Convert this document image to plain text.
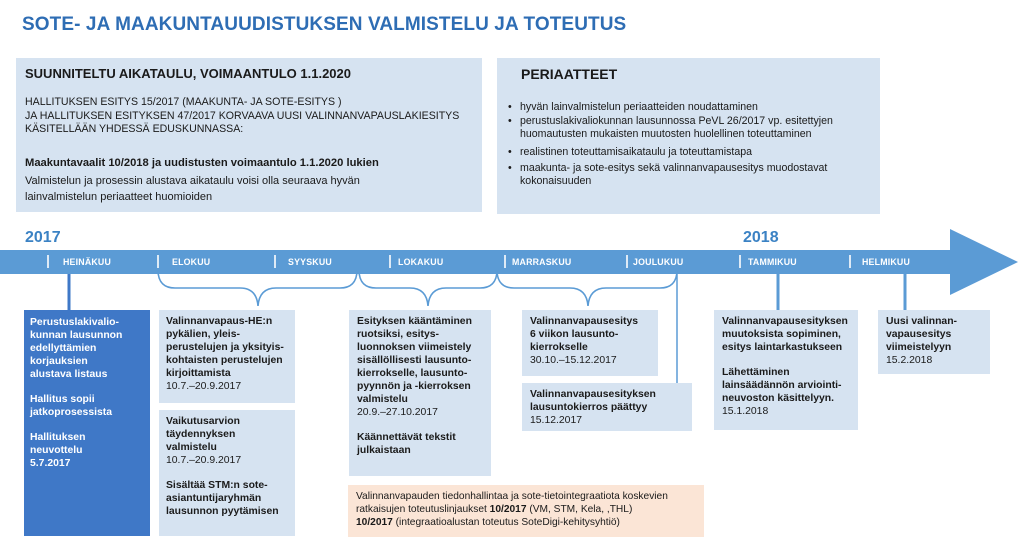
SOTE- JA MAAKUNTAUUDISTUKSEN VALMISTELU JA TOTEUTUS
SUUNNITELTU AIKATAULU, VOIMAANTULO 1.1.2020
HALLITUKSEN ESITYS 15/2017 (MAAKUNTA- JA SOTE-ESITYS )
JA HALLITUKSEN ESITYKSEN 47/2017 KORVAAVA UUSI VALINNANVAPAUSLAKIESITYS
KÄSITELLÄÄN YHDESSÄ EDUSKUNNASSA:
Maakuntavaalit 10/2018 ja uudistusten voimaantulo 1.1.2020 lukien
Valmistelun ja prosessin alustava aikataulu voisi olla seuraava hyvän
lainvalmistelun periaatteet huomioiden
PERIAATTEET
• hyvän lainvalmistelun periaatteiden noudattaminen
• perustuslakivaliokunnan lausunnossa PeVL 26/2017 vp. esitettyjen huomautusten mukaisten muutosten huolellinen toteuttaminen
• realistinen toteuttamisaikataulu ja toteuttamistapa
• maakunta- ja sote-esitys sekä valinnanvapausesitys muodostavat kokonaisuuden
2017	2018
HEINÄKUU	ELOKUU	SYYSKUU	LOKAKUU	MARRASKUU	JOULUKUU	TAMMIKUU	HELMIKUU
Perustuslakivalio-
kunnan lausunnon
edellyttämien
korjauksien
alustava listaus
Hallitus sopii
jatkoprosessista
Hallituksen
neuvottelu
5.7.2017
Valinnanvapaus-HE:n
pykälien, yleis-
perustelujen ja yksityis-
kohtaisten perustelujen
kirjoittamista
10.7.–20.9.2017
Vaikutusarvion
täydennyksen
valmistelu
10.7.–20.9.2017
Sisältää STM:n sote-
asiantuntijaryhmän
lausunnon pyytämisen
Esityksen kääntäminen
ruotsiksi, esitys-
luonnoksen viimeistely
sisällöllisesti lausunto-
kierrokselle, lausunto-
pyynnön ja -kierroksen
valmistelu
20.9.–27.10.2017
Käännettävät tekstit
julkaistaan
Valinnanvapausesitys
6 viikon lausunto-
kierrokselle
30.10.–15.12.2017
Valinnanvapausesityksen
lausuntokierros päättyy
15.12.2017
Valinnanvapausesityksen
muutoksista sopiminen,
esitys laintarkastukseen
Lähettäminen
lainsäädännön arviointi-
neuvoston käsittelyyn.
15.1.2018
Uusi valinnan-
vapausesitys
viimeistelyyn
15.2.2018
Valinnanvapauden tiedonhallintaa ja sote-tietointegraatiota koskevien
ratkaisujen toteutuslinjaukset 10/2017 (VM, STM, Kela, ,THL)
10/2017 (integraatioalustan toteutus SoteDigi-kehitysyhtiö)
